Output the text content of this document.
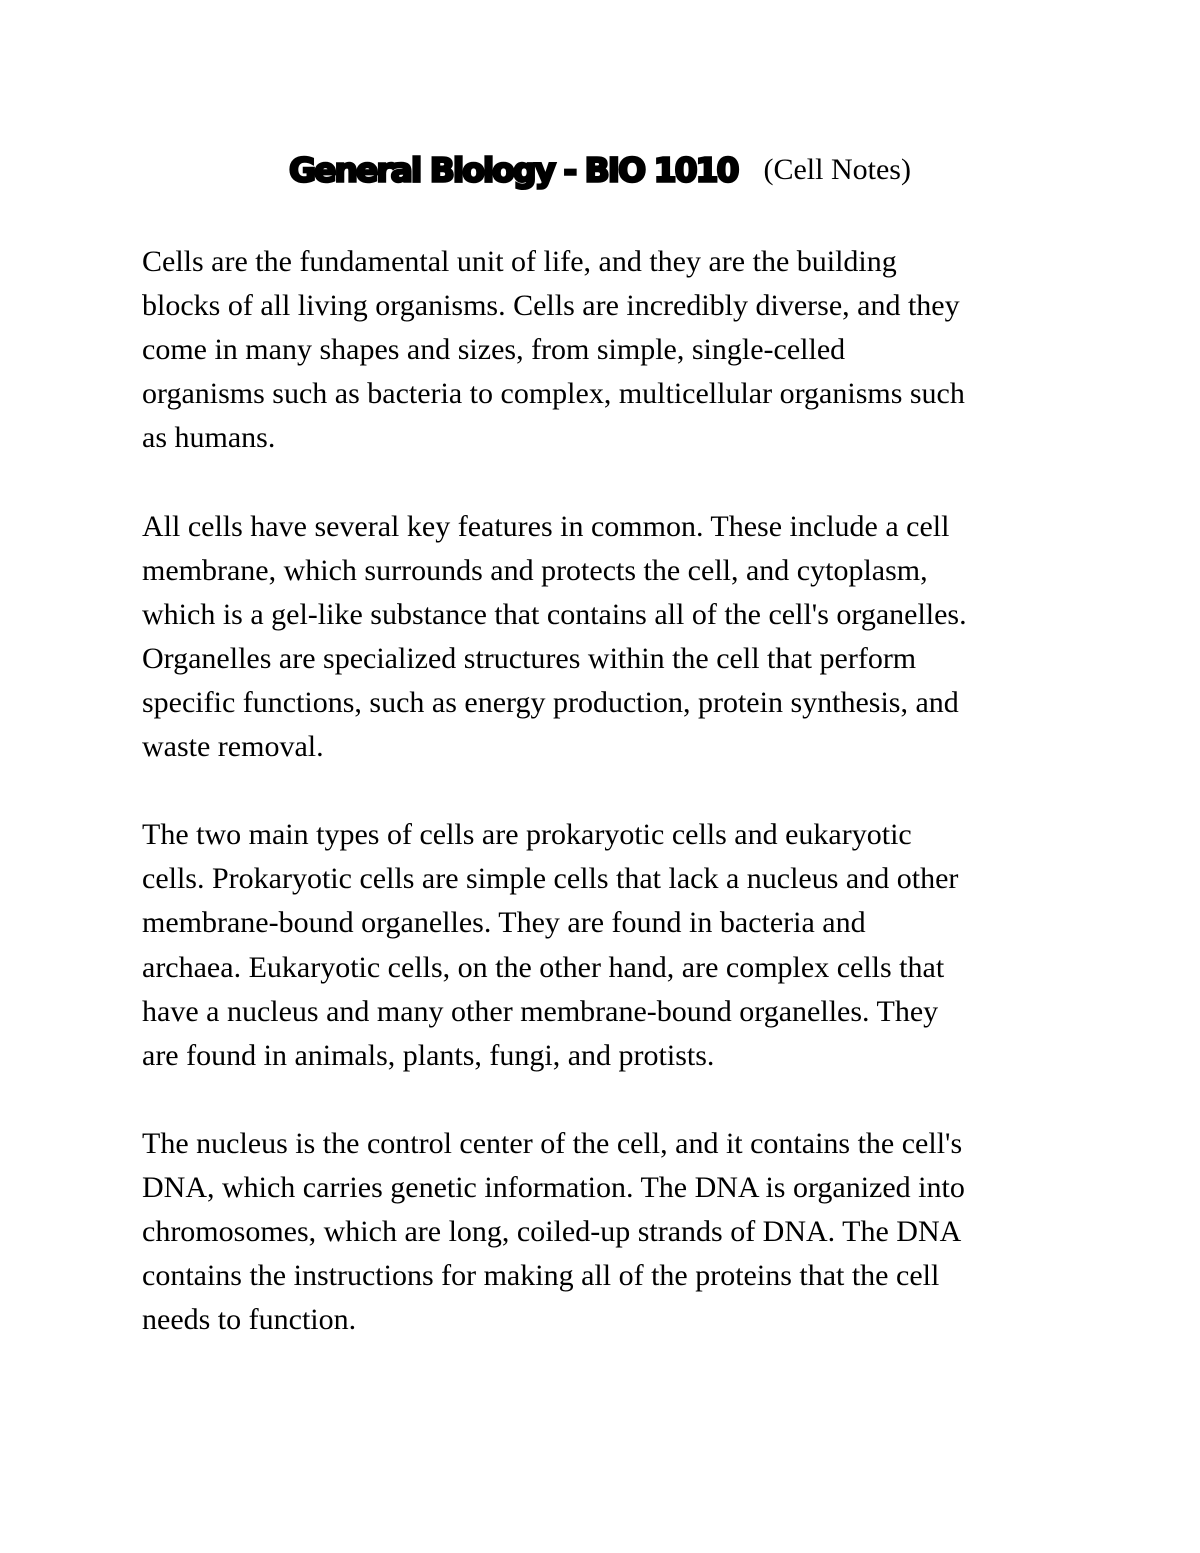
General Biology - BIO 1010 (Cell Notes)

Cells are the fundamental unit of life, and they are the building
blocks of all living organisms. Cells are incredibly diverse, and they
come in many shapes and sizes, from simple, single-celled
organisms such as bacteria to complex, multicellular organisms such
as humans.

All cells have several key features in common. These include a cell
membrane, which surrounds and protects the cell, and cytoplasm,
which is a gel-like substance that contains all of the cell's organelles.
Organelles are specialized structures within the cell that perform
specific functions, such as energy production, protein synthesis, and
waste removal.

The two main types of cells are prokaryotic cells and eukaryotic
cells. Prokaryotic cells are simple cells that lack a nucleus and other
membrane-bound organelles. They are found in bacteria and
archaea. Eukaryotic cells, on the other hand, are complex cells that
have a nucleus and many other membrane-bound organelles. They
are found in animals, plants, fungi, and protists.

The nucleus is the control center of the cell, and it contains the cell's
DNA, which carries genetic information. The DNA is organized into
chromosomes, which are long, coiled-up strands of DNA. The DNA
contains the instructions for making all of the proteins that the cell
needs to function.
